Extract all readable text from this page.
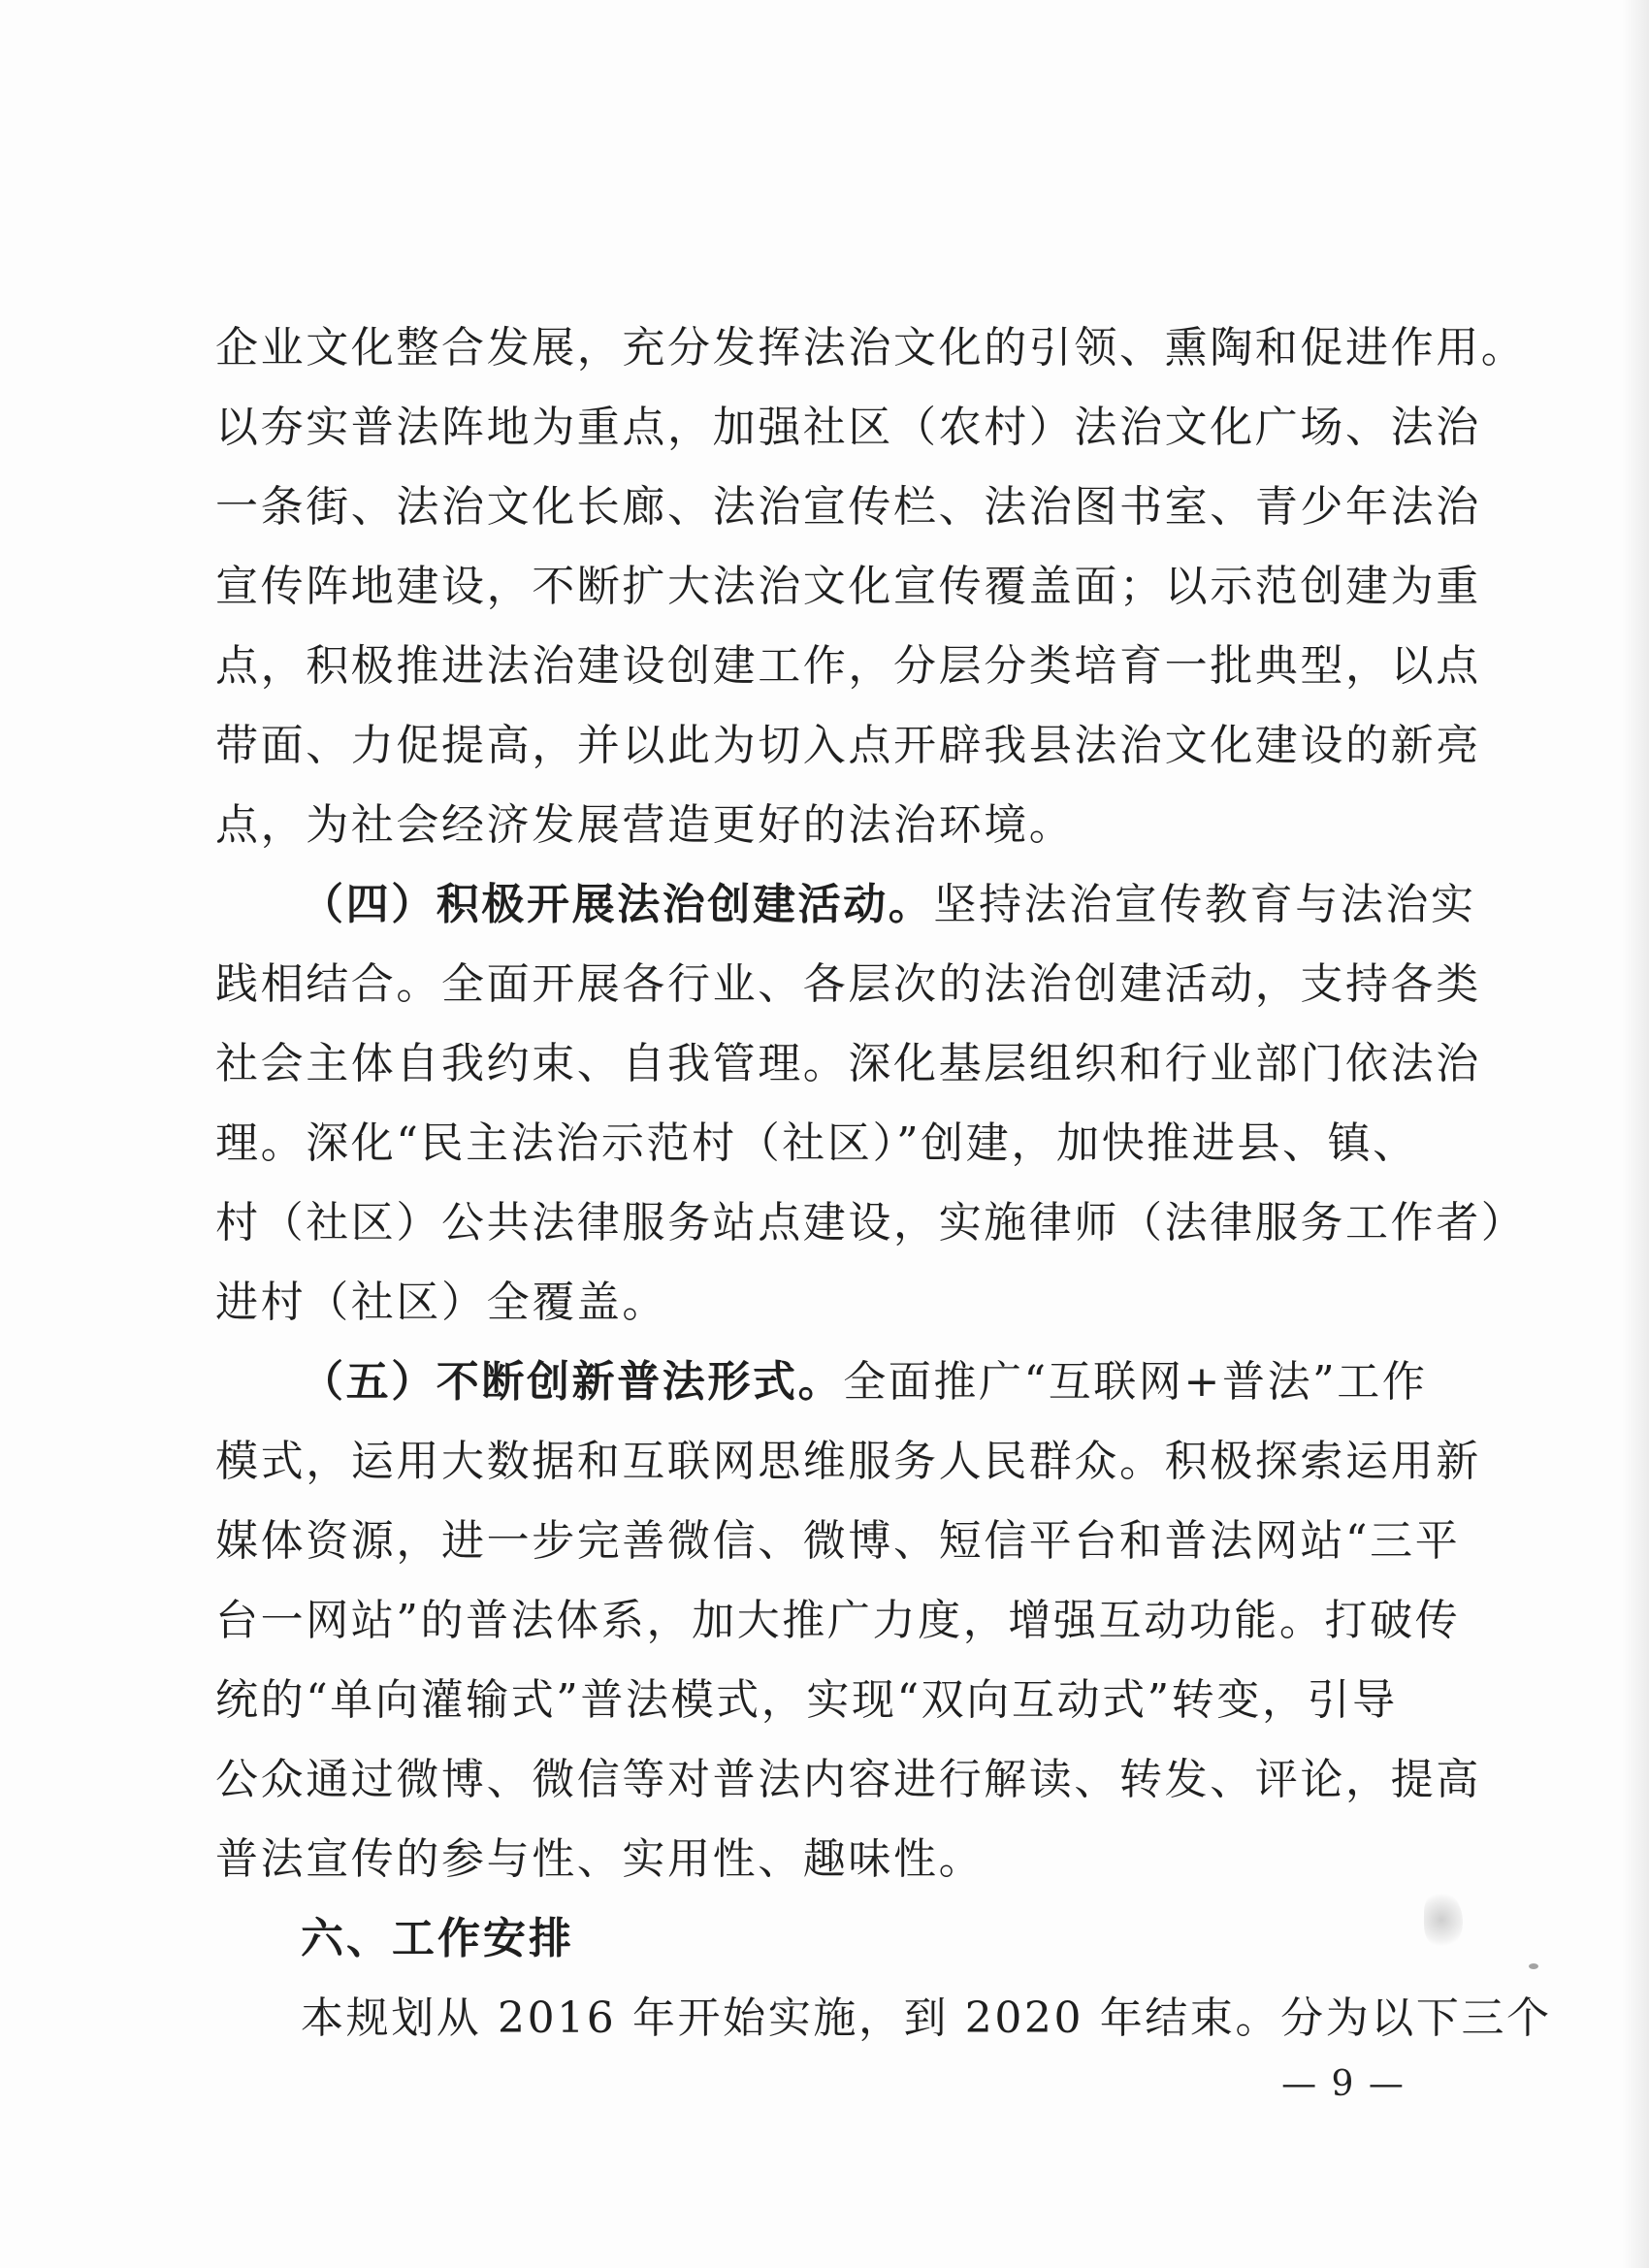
企业文化整合发展，充分发挥法治文化的引领、熏陶和促进作用。
以夯实普法阵地为重点，加强社区（农村）法治文化广场、法治
一条街、法治文化长廊、法治宣传栏、法治图书室、青少年法治
宣传阵地建设，不断扩大法治文化宣传覆盖面；以示范创建为重
点，积极推进法治建设创建工作，分层分类培育一批典型，以点
带面、力促提高，并以此为切入点开辟我县法治文化建设的新亮
点，为社会经济发展营造更好的法治环境。
（四）积极开展法治创建活动。坚持法治宣传教育与法治实
践相结合。全面开展各行业、各层次的法治创建活动，支持各类
社会主体自我约束、自我管理。深化基层组织和行业部门依法治
理。深化“民主法治示范村（社区）”创建，加快推进县、镇、
村（社区）公共法律服务站点建设，实施律师（法律服务工作者）
进村（社区）全覆盖。
（五）不断创新普法形式。全面推广“互联网+普法”工作
模式，运用大数据和互联网思维服务人民群众。积极探索运用新
媒体资源，进一步完善微信、微博、短信平台和普法网站“三平
台一网站”的普法体系，加大推广力度，增强互动功能。打破传
统的“单向灌输式”普法模式，实现“双向互动式”转变，引导
公众通过微博、微信等对普法内容进行解读、转发、评论，提高
普法宣传的参与性、实用性、趣味性。
六、工作安排
本规划从 2016 年开始实施，到 2020 年结束。分为以下三个
— 9 —
